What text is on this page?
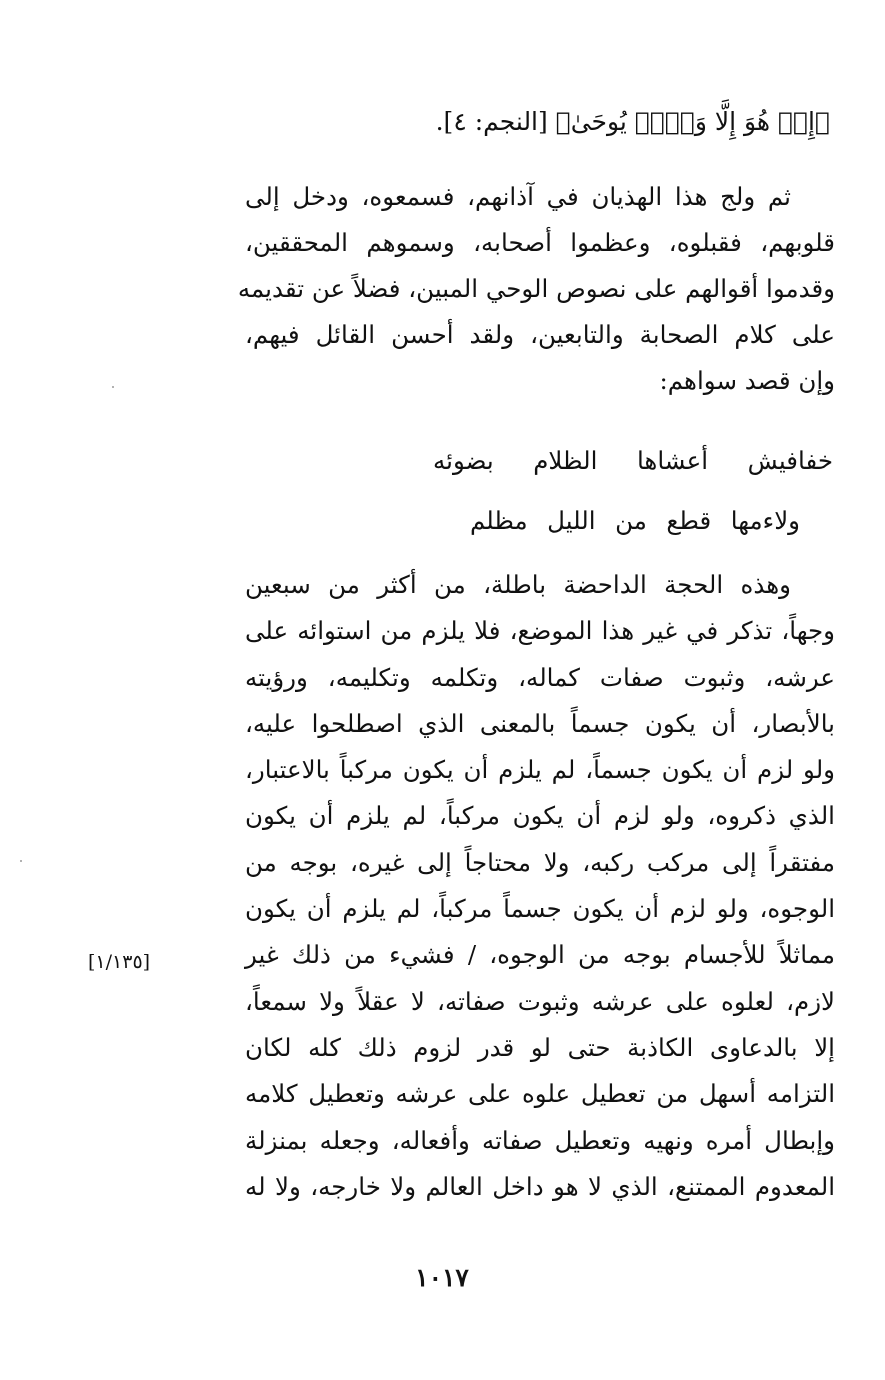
﴿إِنۡ هُوَ إِلَّا وَحۡيٞ يُوحَىٰ﴾ [النجم: ٤].
ثم ولج هذا الهذيان في آذانهم، فسمعوه، ودخل إلى
قلوبهم، فقبلوه، وعظموا أصحابه، وسموهم المحققين،
وقدموا أقوالهم على نصوص الوحي المبين، فضلاً عن تقديمه
على كلام الصحابة والتابعين، ولقد أحسن القائل فيهم،
وإن قصد سواهم:
خفافيش أعشاها الظلام بضوئه
ولاءمها قطع من الليل مظلم
وهذه الحجة الداحضة باطلة، من أكثر من سبعين
وجهاً، تذكر في غير هذا الموضع، فلا يلزم من استوائه على
عرشه، وثبوت صفات كماله، وتكلمه وتكليمه، ورؤيته
بالأبصار، أن يكون جسماً بالمعنى الذي اصطلحوا عليه،
ولو لزم أن يكون جسماً، لم يلزم أن يكون مركباً بالاعتبار،
الذي ذكروه، ولو لزم أن يكون مركباً، لم يلزم أن يكون
مفتقراً إلى مركب ركبه، ولا محتاجاً إلى غيره، بوجه من
الوجوه، ولو لزم أن يكون جسماً مركباً، لم يلزم أن يكون
مماثلاً للأجسام بوجه من الوجوه، / فشيء من ذلك غير
لازم، لعلوه على عرشه وثبوت صفاته، لا عقلاً ولا سمعاً،
إلا بالدعاوى الكاذبة حتى لو قدر لزوم ذلك كله لكان
التزامه أسهل من تعطيل علوه على عرشه وتعطيل كلامه
وإبطال أمره ونهيه وتعطيل صفاته وأفعاله، وجعله بمنزلة
المعدوم الممتنع، الذي لا هو داخل العالم ولا خارجه، ولا له
[١/١٣٥]
١٠١٧
